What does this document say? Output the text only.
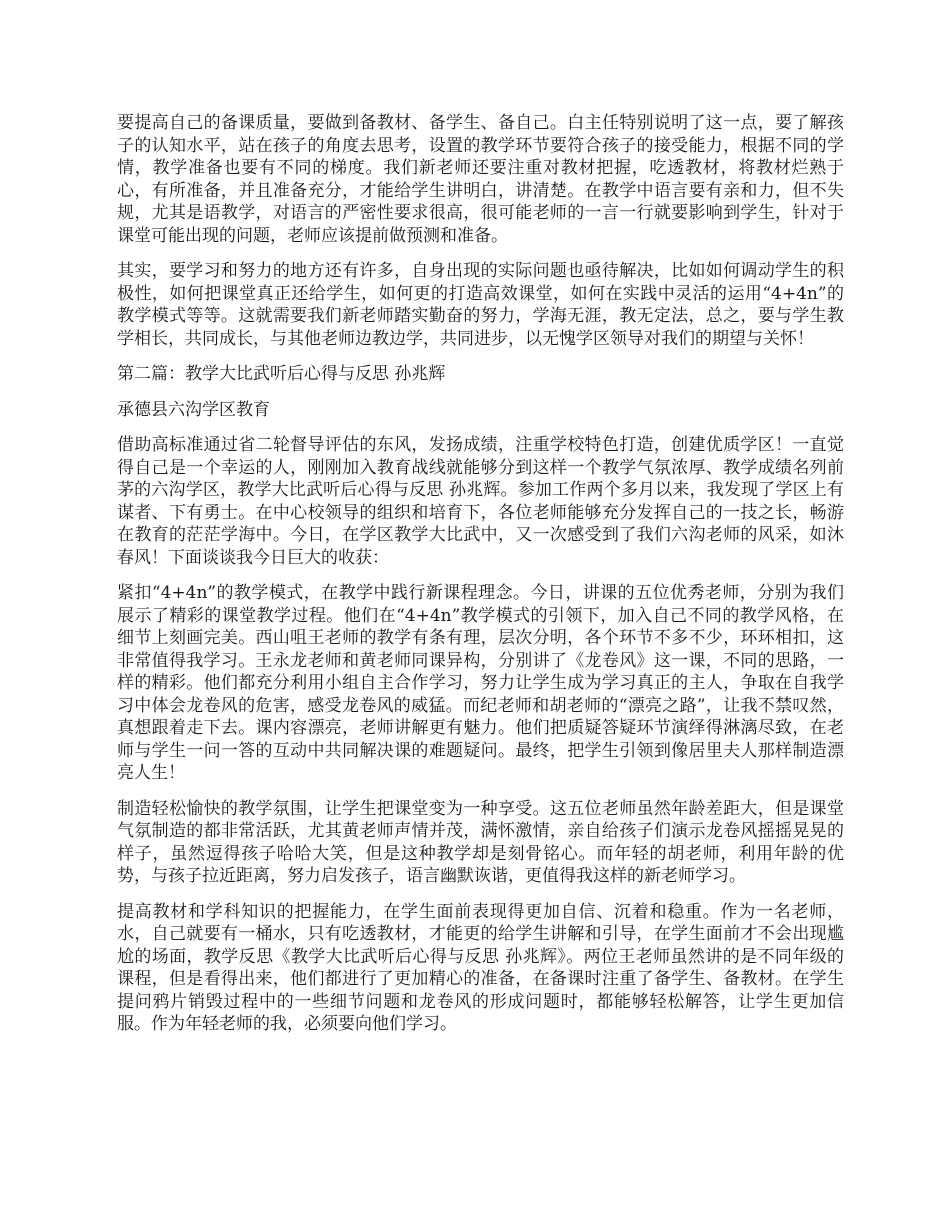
要提高自己的备课质量，要做到备教材、备学生、备自己。白主任特别说明了这一点，要了解孩子的认知水平，站在孩子的角度去思考，设置的教学环节要符合孩子的接受能力，根据不同的学情，教学准备也要有不同的梯度。我们新老师还要注重对教材把握，吃透教材，将教材烂熟于心，有所准备，并且准备充分，才能给学生讲明白，讲清楚。在教学中语言要有亲和力，但不失规，尤其是语教学，对语言的严密性要求很高，很可能老师的一言一行就要影响到学生，针对于课堂可能出现的问题，老师应该提前做预测和准备。

其实，要学习和努力的地方还有许多，自身出现的实际问题也亟待解决，比如如何调动学生的积极性，如何把课堂真正还给学生，如何更的打造高效课堂，如何在实践中灵活的运用“4+4n”的教学模式等等。这就需要我们新老师踏实勤奋的努力，学海无涯，教无定法，总之，要与学生教学相长，共同成长，与其他老师边教边学，共同进步，以无愧学区领导对我们的期望与关怀！

第二篇：教学大比武听后心得与反思 孙兆辉

承德县六沟学区教育

借助高标准通过省二轮督导评估的东风，发扬成绩，注重学校特色打造，创建优质学区！一直觉得自己是一个幸运的人，刚刚加入教育战线就能够分到这样一个教学气氛浓厚、教学成绩名列前茅的六沟学区，教学大比武听后心得与反思 孙兆辉。参加工作两个多月以来，我发现了学区上有谋者、下有勇士。在中心校领导的组织和培育下，各位老师能够充分发挥自己的一技之长，畅游在教育的茫茫学海中。今日，在学区教学大比武中，又一次感受到了我们六沟老师的风采，如沐春风！下面谈谈我今日巨大的收获：

紧扣“4+4n”的教学模式，在教学中践行新课程理念。今日，讲课的五位优秀老师，分别为我们展示了精彩的课堂教学过程。他们在“4+4n”教学模式的引领下，加入自己不同的教学风格，在细节上刻画完美。西山咀王老师的教学有条有理，层次分明，各个环节不多不少，环环相扣，这非常值得我学习。王永龙老师和黄老师同课异构，分别讲了《龙卷风》这一课，不同的思路，一样的精彩。他们都充分利用小组自主合作学习，努力让学生成为学习真正的主人，争取在自我学习中体会龙卷风的危害，感受龙卷风的威猛。而纪老师和胡老师的“漂亮之路”，让我不禁叹然，真想跟着走下去。课内容漂亮，老师讲解更有魅力。他们把质疑答疑环节演绎得淋漓尽致，在老师与学生一问一答的互动中共同解决课的难题疑问。最终，把学生引领到像居里夫人那样制造漂亮人生！

制造轻松愉快的教学氛围，让学生把课堂变为一种享受。这五位老师虽然年龄差距大，但是课堂气氛制造的都非常活跃，尤其黄老师声情并茂，满怀激情，亲自给孩子们演示龙卷风摇摇晃晃的样子，虽然逗得孩子哈哈大笑，但是这种教学却是刻骨铭心。而年轻的胡老师，利用年龄的优势，与孩子拉近距离，努力启发孩子，语言幽默诙谐，更值得我这样的新老师学习。

提高教材和学科知识的把握能力，在学生面前表现得更加自信、沉着和稳重。作为一名老师，水，自己就要有一桶水，只有吃透教材，才能更的给学生讲解和引导，在学生面前才不会出现尴尬的场面，教学反思《教学大比武听后心得与反思 孙兆辉》。两位王老师虽然讲的是不同年级的课程，但是看得出来，他们都进行了更加精心的准备，在备课时注重了备学生、备教材。在学生提问鸦片销毁过程中的一些细节问题和龙卷风的形成问题时，都能够轻松解答，让学生更加信服。作为年轻老师的我，必须要向他们学习。
